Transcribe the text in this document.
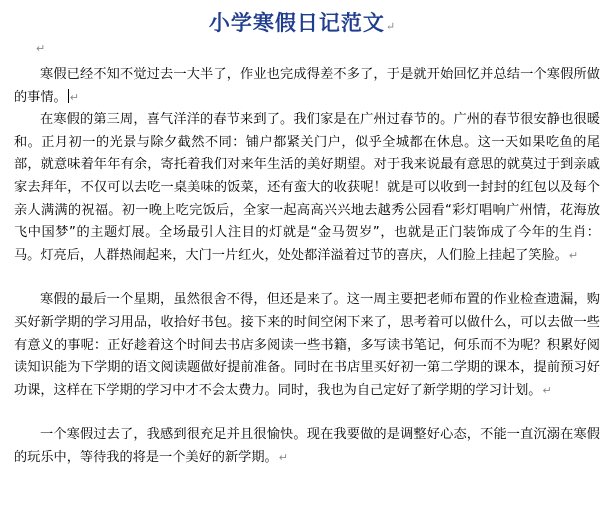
小学寒假日记范文↵
↵

寒假已经不知不觉过去一大半了，作业也完成得差不多了，于是就开始回忆并总结一个寒假所做的事情。 ↵

在寒假的第三周，喜气洋洋的春节来到了。我们家是在广州过春节的。广州的春节很安静也很暖和。正月初一的光景与除夕截然不同：铺户都紧关门户，似乎全城都在休息。这一天如果吃鱼的尾部，就意味着年年有余，寄托着我们对来年生活的美好期望。对于我来说最有意思的就莫过于到亲戚家去拜年，不仅可以去吃一桌美味的饭菜，还有蛮大的收获呢！就是可以收到一封封的红包以及每个亲人满满的祝福。初一晚上吃完饭后，全家一起高高兴兴地去越秀公园看“彩灯唱响广州情，花海放飞中国梦”的主题灯展。全场最引人注目的灯就是“金马贺岁”，也就是正门装饰成了今年的生肖：马。灯亮后，人群热闹起来，大门一片红火，处处都洋溢着过节的喜庆，人们脸上挂起了笑脸。↵

寒假的最后一个星期，虽然很舍不得，但还是来了。这一周主要把老师布置的作业检查遗漏，购买好新学期的学习用品，收拾好书包。接下来的时间空闲下来了，思考着可以做什么，可以去做一些有意义的事呢：正好趁着这个时间去书店多阅读一些书籍，多写读书笔记，何乐而不为呢？积累好阅读知识能为下学期的语文阅读题做好提前准备。同时在书店里买好初一第二学期的课本，提前预习好功课，这样在下学期的学习中才不会太费力。同时，我也为自己定好了新学期的学习计划。↵

一个寒假过去了，我感到很充足并且很愉快。现在我要做的是调整好心态，不能一直沉溺在寒假的玩乐中，等待我的将是一个美好的新学期。↵
